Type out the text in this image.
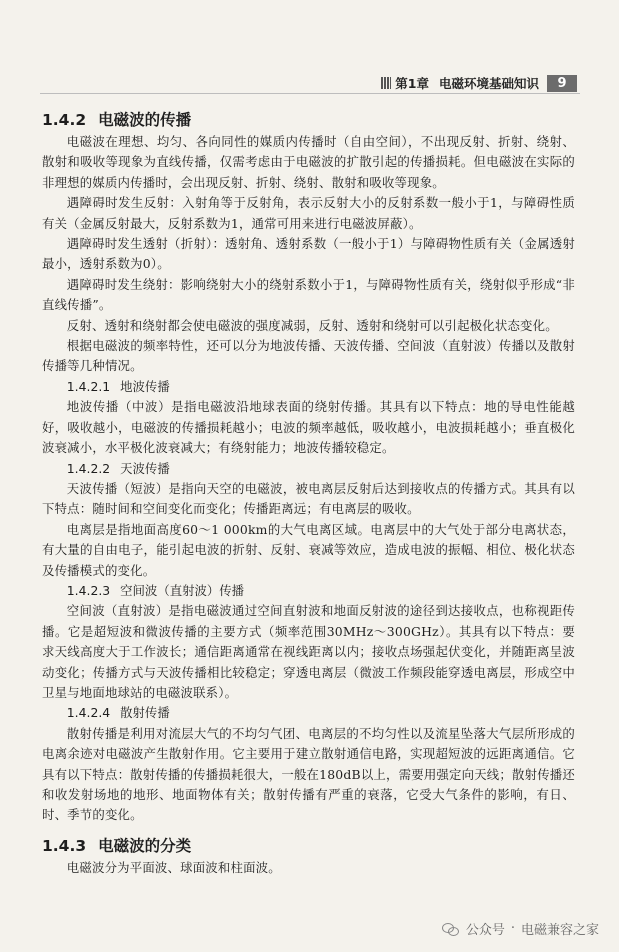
第1章 电磁环境基础知识	9
1.4.2 电磁波的传播

电磁波在理想、均匀、各向同性的媒质内传播时（自由空间），不出现反射、折射、绕射、散射和吸收等现象为直线传播，仅需考虑由于电磁波的扩散引起的传播损耗。但电磁波在实际的非理想的媒质内传播时，会出现反射、折射、绕射、散射和吸收等现象。

遇障碍时发生反射：入射角等于反射角，表示反射大小的反射系数一般小于1，与障碍性质有关（金属反射最大，反射系数为1，通常可用来进行电磁波屏蔽）。

遇障碍时发生透射（折射）：透射角、透射系数（一般小于1）与障碍物性质有关（金属透射最小，透射系数为0）。

遇障碍时发生绕射：影响绕射大小的绕射系数小于1，与障碍物性质有关，绕射似乎形成“非直线传播”。

反射、透射和绕射都会使电磁波的强度减弱，反射、透射和绕射可以引起极化状态变化。

根据电磁波的频率特性，还可以分为地波传播、天波传播、空间波（直射波）传播以及散射传播等几种情况。

1.4.2.1 地波传播

地波传播（中波）是指电磁波沿地球表面的绕射传播。其具有以下特点：地的导电性能越好，吸收越小，电磁波的传播损耗越小；电波的频率越低，吸收越小，电波损耗越小；垂直极化波衰减小，水平极化波衰减大；有绕射能力；地波传播较稳定。

1.4.2.2 天波传播

天波传播（短波）是指向天空的电磁波，被电离层反射后达到接收点的传播方式。其具有以下特点：随时间和空间变化而变化；传播距离远；有电离层的吸收。

电离层是指地面高度60～1 000km的大气电离区域。电离层中的大气处于部分电离状态，有大量的自由电子，能引起电波的折射、反射、衰减等效应，造成电波的振幅、相位、极化状态及传播模式的变化。

1.4.2.3 空间波（直射波）传播

空间波（直射波）是指电磁波通过空间直射波和地面反射波的途径到达接收点，也称视距传播。它是超短波和微波传播的主要方式（频率范围30MHz～300GHz）。其具有以下特点：要求天线高度大于工作波长；通信距离通常在视线距离以内；接收点场强起伏变化，并随距离呈波动变化；传播方式与天波传播相比较稳定；穿透电离层（微波工作频段能穿透电离层，形成空中卫星与地面地球站的电磁波联系）。

1.4.2.4 散射传播

散射传播是利用对流层大气的不均匀气团、电离层的不均匀性以及流星坠落大气层所形成的电离余迹对电磁波产生散射作用。它主要用于建立散射通信电路，实现超短波的远距离通信。它具有以下特点：散射传播的传播损耗很大，一般在180dB以上，需要用强定向天线；散射传播还和收发射场地的地形、地面物体有关；散射传播有严重的衰落，它受大气条件的影响，有日、时、季节的变化。

1.4.3 电磁波的分类

电磁波分为平面波、球面波和柱面波。

公众号 · 电磁兼容之家
